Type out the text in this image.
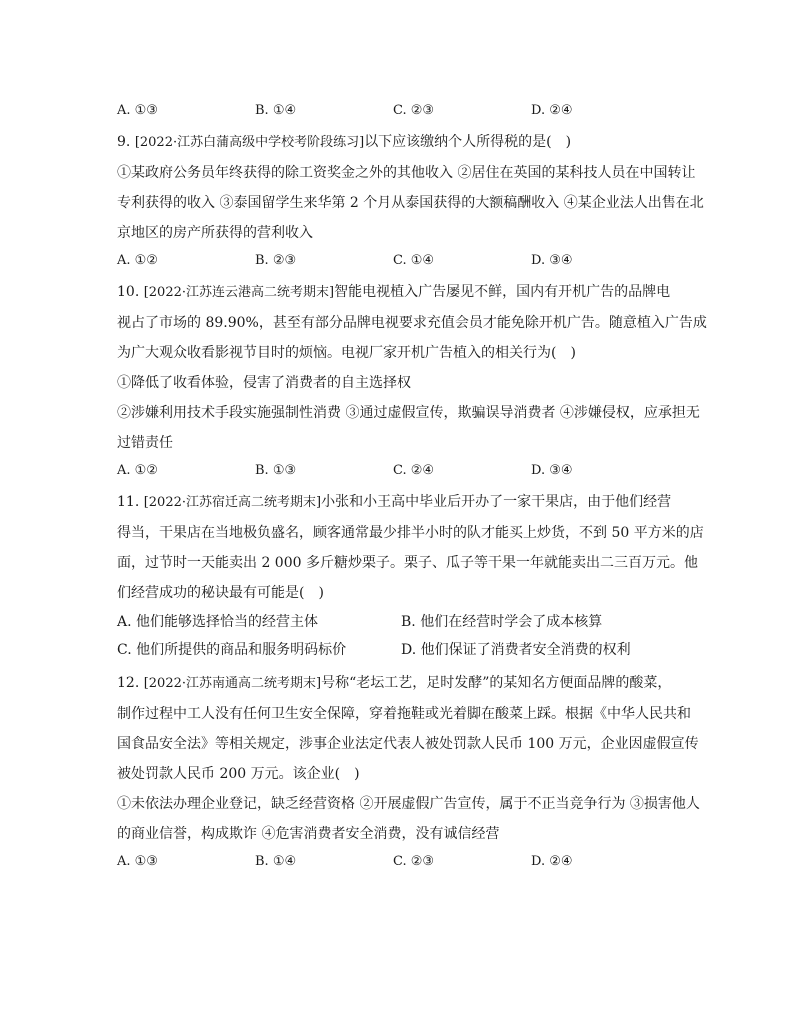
A. ①③	B. ①④	C. ②③	D. ②④
9. [2022·江苏白蒲高级中学校考阶段练习]以下应该缴纳个人所得税的是(　)
①某政府公务员年终获得的除工资奖金之外的其他收入 ②居住在英国的某科技人员在中国转让
专利获得的收入 ③泰国留学生来华第 2 个月从泰国获得的大额稿酬收入 ④某企业法人出售在北
京地区的房产所获得的营利收入
A. ①②	B. ②③	C. ①④	D. ③④
10. [2022·江苏连云港高二统考期末]智能电视植入广告屡见不鲜，国内有开机广告的品牌电
视占了市场的 89.90%，甚至有部分品牌电视要求充值会员才能免除开机广告。随意植入广告成
为广大观众收看影视节目时的烦恼。电视厂家开机广告植入的相关行为(　)
①降低了收看体验，侵害了消费者的自主选择权
②涉嫌利用技术手段实施强制性消费 ③通过虚假宣传，欺骗误导消费者 ④涉嫌侵权，应承担无
过错责任
A. ①②	B. ①③	C. ②④	D. ③④
11. [2022·江苏宿迁高二统考期末]小张和小王高中毕业后开办了一家干果店，由于他们经营
得当，干果店在当地极负盛名，顾客通常最少排半小时的队才能买上炒货，不到 50 平方米的店
面，过节时一天能卖出 2 000 多斤糖炒栗子。栗子、瓜子等干果一年就能卖出二三百万元。他
们经营成功的秘诀最有可能是(　)
A. 他们能够选择恰当的经营主体	B. 他们在经营时学会了成本核算
C. 他们所提供的商品和服务明码标价	D. 他们保证了消费者安全消费的权利
12. [2022·江苏南通高二统考期末]号称“老坛工艺，足时发酵”的某知名方便面品牌的酸菜，
制作过程中工人没有任何卫生安全保障，穿着拖鞋或光着脚在酸菜上踩。根据《中华人民共和
国食品安全法》等相关规定，涉事企业法定代表人被处罚款人民币 100 万元，企业因虚假宣传
被处罚款人民币 200 万元。该企业(　)
①未依法办理企业登记，缺乏经营资格 ②开展虚假广告宣传，属于不正当竞争行为 ③损害他人
的商业信誉，构成欺诈 ④危害消费者安全消费，没有诚信经营
A. ①③	B. ①④	C. ②③	D. ②④
